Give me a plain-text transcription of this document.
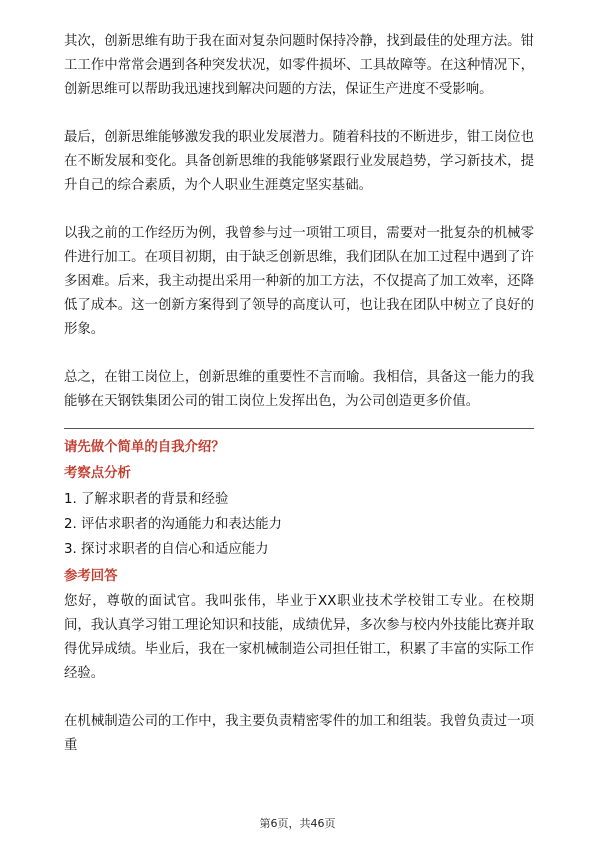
其次，创新思维有助于我在面对复杂问题时保持冷静，找到最佳的处理方法。钳工工作中常常会遇到各种突发状况，如零件损坏、工具故障等。在这种情况下，创新思维可以帮助我迅速找到解决问题的方法，保证生产进度不受影响。

最后，创新思维能够激发我的职业发展潜力。随着科技的不断进步，钳工岗位也在不断发展和变化。具备创新思维的我能够紧跟行业发展趋势，学习新技术，提升自己的综合素质，为个人职业生涯奠定坚实基础。

以我之前的工作经历为例，我曾参与过一项钳工项目，需要对一批复杂的机械零件进行加工。在项目初期，由于缺乏创新思维，我们团队在加工过程中遇到了许多困难。后来，我主动提出采用一种新的加工方法，不仅提高了加工效率，还降低了成本。这一创新方案得到了领导的高度认可，也让我在团队中树立了良好的形象。

总之，在钳工岗位上，创新思维的重要性不言而喻。我相信，具备这一能力的我能够在天钢铁集团公司的钳工岗位上发挥出色，为公司创造更多价值。

请先做个简单的自我介绍？

考察点分析

1. 了解求职者的背景和经验
2. 评估求职者的沟通能力和表达能力
3. 探讨求职者的自信心和适应能力

参考回答

您好，尊敬的面试官。我叫张伟，毕业于XX职业技术学校钳工专业。在校期间，我认真学习钳工理论知识和技能，成绩优异，多次参与校内外技能比赛并取得优异成绩。毕业后，我在一家机械制造公司担任钳工，积累了丰富的实际工作经验。

在机械制造公司的工作中，我主要负责精密零件的加工和组装。我曾负责过一项重

第6页，共46页
